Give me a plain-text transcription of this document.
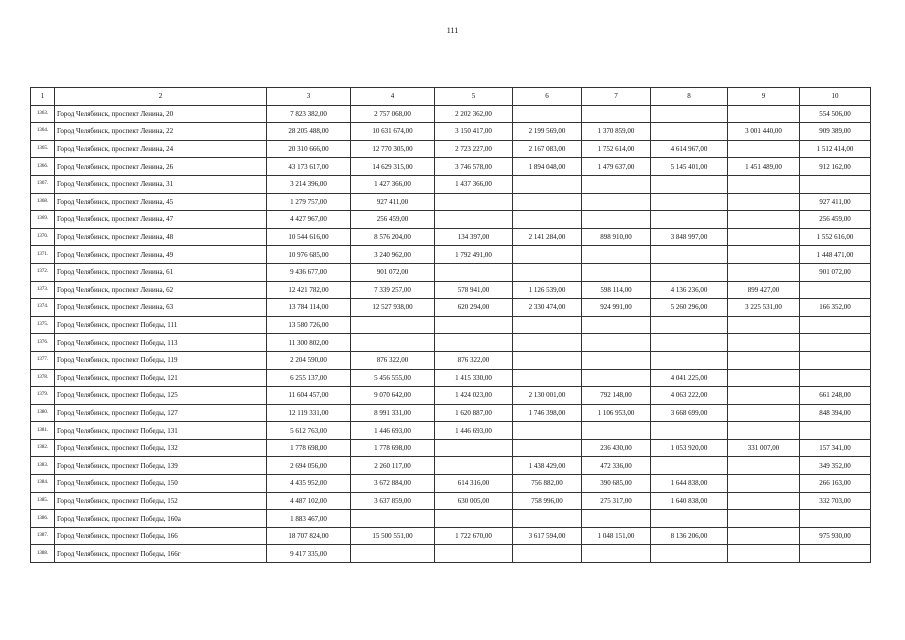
111
1	2	3	4	5	6	7	8	9	10
1363.	Город Челябинск, проспект Ленина, 20	7 823 382,00	2 757 068,00	2 202 362,00					554 506,00
1364.	Город Челябинск, проспект Ленина, 22	28 205 488,00	10 631 674,00	3 150 417,00	2 199 569,00	1 370 859,00		3 001 440,00	909 389,00
1365.	Город Челябинск, проспект Ленина, 24	20 310 666,00	12 770 305,00	2 723 227,00	2 167 083,00	1 752 614,00	4 614 967,00		1 512 414,00
1366.	Город Челябинск, проспект Ленина, 26	43 173 617,00	14 629 315,00	3 746 578,00	1 894 048,00	1 479 637,00	5 145 401,00	1 451 489,00	912 162,00
1367.	Город Челябинск, проспект Ленина, 31	3 214 396,00	1 427 366,00	1 437 366,00					
1368.	Город Челябинск, проспект Ленина, 45	1 279 757,00	927 411,00						927 411,00
1369.	Город Челябинск, проспект Ленина, 47	4 427 967,00	256 459,00						256 459,00
1370.	Город Челябинск, проспект Ленина, 48	10 544 616,00	8 576 204,00	134 397,00	2 141 284,00	898 910,00	3 848 997,00		1 552 616,00
1371.	Город Челябинск, проспект Ленина, 49	10 976 685,00	3 240 962,00	1 792 491,00					1 448 471,00
1372.	Город Челябинск, проспект Ленина, 61	9 436 677,00	901 072,00						901 072,00
1373.	Город Челябинск, проспект Ленина, 62	12 421 782,00	7 339 257,00	578 941,00	1 126 539,00	598 114,00	4 136 236,00	899 427,00	
1374.	Город Челябинск, проспект Ленина, 63	13 784 114,00	12 527 938,00	620 294,00	2 330 474,00	924 991,00	5 260 296,00	3 225 531,00	166 352,00
1375.	Город Челябинск, проспект Победы, 111	13 580 726,00							
1376.	Город Челябинск, проспект Победы, 113	11 300 802,00							
1377.	Город Челябинск, проспект Победы, 119	2 204 590,00	876 322,00	876 322,00					
1378.	Город Челябинск, проспект Победы, 121	6 255 137,00	5 456 555,00	1 415 330,00			4 041 225,00		
1379.	Город Челябинск, проспект Победы, 125	11 604 457,00	9 070 642,00	1 424 023,00	2 130 001,00	792 148,00	4 063 222,00		661 248,00
1380.	Город Челябинск, проспект Победы, 127	12 119 331,00	8 991 331,00	1 620 887,00	1 746 398,00	1 106 953,00	3 668 699,00		848 394,00
1381.	Город Челябинск, проспект Победы, 131	5 612 763,00	1 446 693,00	1 446 693,00					
1382.	Город Челябинск, проспект Победы, 132	1 778 698,00	1 778 698,00			236 430,00	1 053 920,00	331 007,00	157 341,00
1383.	Город Челябинск, проспект Победы, 139	2 694 056,00	2 260 117,00		1 438 429,00	472 336,00			349 352,00
1384.	Город Челябинск, проспект Победы, 150	4 435 952,00	3 672 884,00	614 316,00	756 882,00	390 685,00	1 644 838,00		266 163,00
1385.	Город Челябинск, проспект Победы, 152	4 487 102,00	3 637 859,00	630 005,00	758 996,00	275 317,00	1 640 838,00		332 703,00
1386.	Город Челябинск, проспект Победы, 160а	1 883 467,00							
1387.	Город Челябинск, проспект Победы, 166	18 707 824,00	15 500 551,00	1 722 670,00	3 617 594,00	1 048 151,00	8 136 206,00		975 930,00
1388.	Город Челябинск, проспект Победы, 166г	9 417 335,00							
